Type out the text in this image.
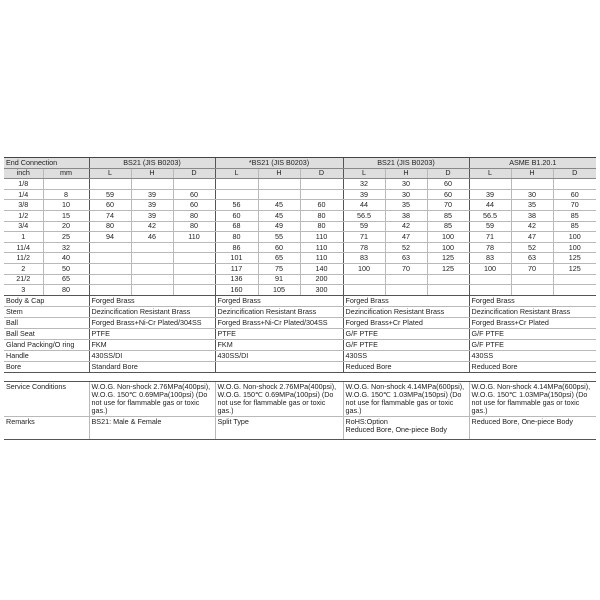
End Connection		BS21 (JIS B0203)			*BS21 (JIS B0203)			BS21 (JIS B0203)			ASME B1.20.1		
inch	mm	L	H	D	L	H	D	L	H	D	L	H	D
1/8								32	30	60			
1/4	8	59	39	60				39	30	60	39	30	60
3/8	10	60	39	60	56	45	60	44	35	70	44	35	70
1/2	15	74	39	80	60	45	80	56.5	38	85	56.5	38	85
3/4	20	80	42	80	68	49	80	59	42	85	59	42	85
1	25	94	46	110	80	55	110	71	47	100	71	47	100
11/4	32				86	60	110	78	52	100	78	52	100
11/2	40				101	65	110	83	63	125	83	63	125
2	50				117	75	140	100	70	125	100	70	125
21/2	65				136	91	200						
3	80				160	105	300						
Body & Cap		Forged Brass			Forged Brass			Forged Brass			Forged Brass		
Stem		Dezincification Resistant Brass			Dezincification Resistant Brass			Dezincification Resistant Brass			Dezincification Resistant Brass		
Ball		Forged Brass+Ni-Cr Plated/304SS			Forged Brass+Ni-Cr Plated/304SS			Forged Brass+Cr Plated			Forged Brass+Cr Plated		
Ball Seat		PTFE			PTFE			G/F PTFE			G/F PTFE		
Gland Packing/O ring		FKM			FKM			G/F PTFE			G/F PTFE		
Handle		430SS/DI			430SS/DI			430SS			430SS		
Bore		Standard Bore						Reduced Bore			Reduced Bore		
Service Conditions	W.O.G. Non-shock 2.76MPa(400psi),
W.O.G. 150℃ 0.69MPa(100psi) (Do
not use for flammable gas or toxic
gas.)	W.O.G. Non-shock 2.76MPa(400psi),
W.O.G. 150℃ 0.69MPa(100psi) (Do
not use for flammable gas or toxic
gas.)	W.O.G. Non-shock 4.14MPa(600psi),
W.O.G. 150℃ 1.03MPa(150psi) (Do
not use for flammable gas or toxic
gas.)	W.O.G. Non-shock 4.14MPa(600psi),
W.O.G. 150℃ 1.03MPa(150psi) (Do
not use for flammable gas or toxic
gas.)

Remarks	BS21: Male & Female	Split Type	RoHS:Option
Reduced Bore, One-piece Body	Reduced Bore, One-piece Body
